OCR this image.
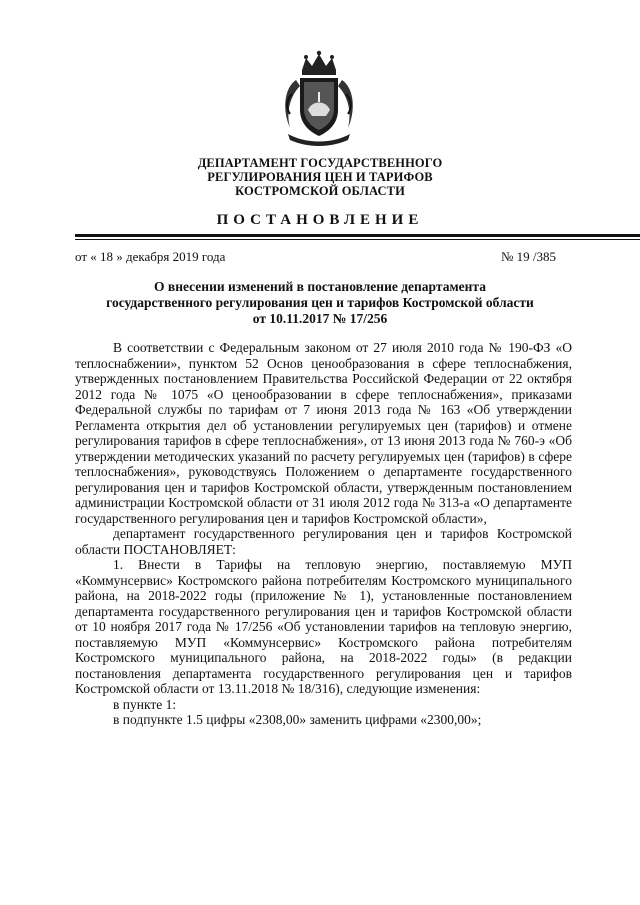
ДЕПАРТАМЕНТ ГОСУДАРСТВЕННОГО
РЕГУЛИРОВАНИЯ ЦЕН И ТАРИФОВ
КОСТРОМСКОЙ ОБЛАСТИ
ПОСТАНОВЛЕНИЕ
от « 18 » декабря 2019 года	№ 19 /385
О внесении изменений в постановление департамента
государственного регулирования цен и тарифов Костромской области
от 10.11.2017 № 17/256

В соответствии с Федеральным законом от 27 июля 2010 года № 190-ФЗ «О теплоснабжении», пунктом 52 Основ ценообразования в сфере теплоснабжения, утвержденных постановлением Правительства Российской Федерации от 22 октября 2012 года № 1075 «О ценообразовании в сфере теплоснабжения», приказами Федеральной службы по тарифам от 7 июня 2013 года № 163 «Об утверждении Регламента открытия дел об установлении регулируемых цен (тарифов) и отмене регулирования тарифов в сфере теплоснабжения», от 13 июня 2013 года № 760-э «Об утверждении методических указаний по расчету регулируемых цен (тарифов) в сфере теплоснабжения», руководствуясь Положением о департаменте государственного регулирования цен и тарифов Костромской области, утвержденным постановлением администрации Костромской области от 31 июля 2012 года № 313-а «О департаменте государственного регулирования цен и тарифов Костромской области»,

департамент государственного регулирования цен и тарифов Костромской области ПОСТАНОВЛЯЕТ:

1. Внести в Тарифы на тепловую энергию, поставляемую МУП «Коммунсервис» Костромского района потребителям Костромского муниципального района, на 2018-2022 годы (приложение № 1), установленные постановлением департамента государственного регулирования цен и тарифов Костромской области от 10 ноября 2017 года № 17/256 «Об установлении тарифов на тепловую энергию, поставляемую МУП «Коммунсервис» Костромского района потребителям Костромского муниципального района, на 2018-2022 годы» (в редакции постановления департамента государственного регулирования цен и тарифов Костромской области от 13.11.2018 № 18/316), следующие изменения:

в пункте 1:

в подпункте 1.5 цифры «2308,00» заменить цифрами «2300,00»;
